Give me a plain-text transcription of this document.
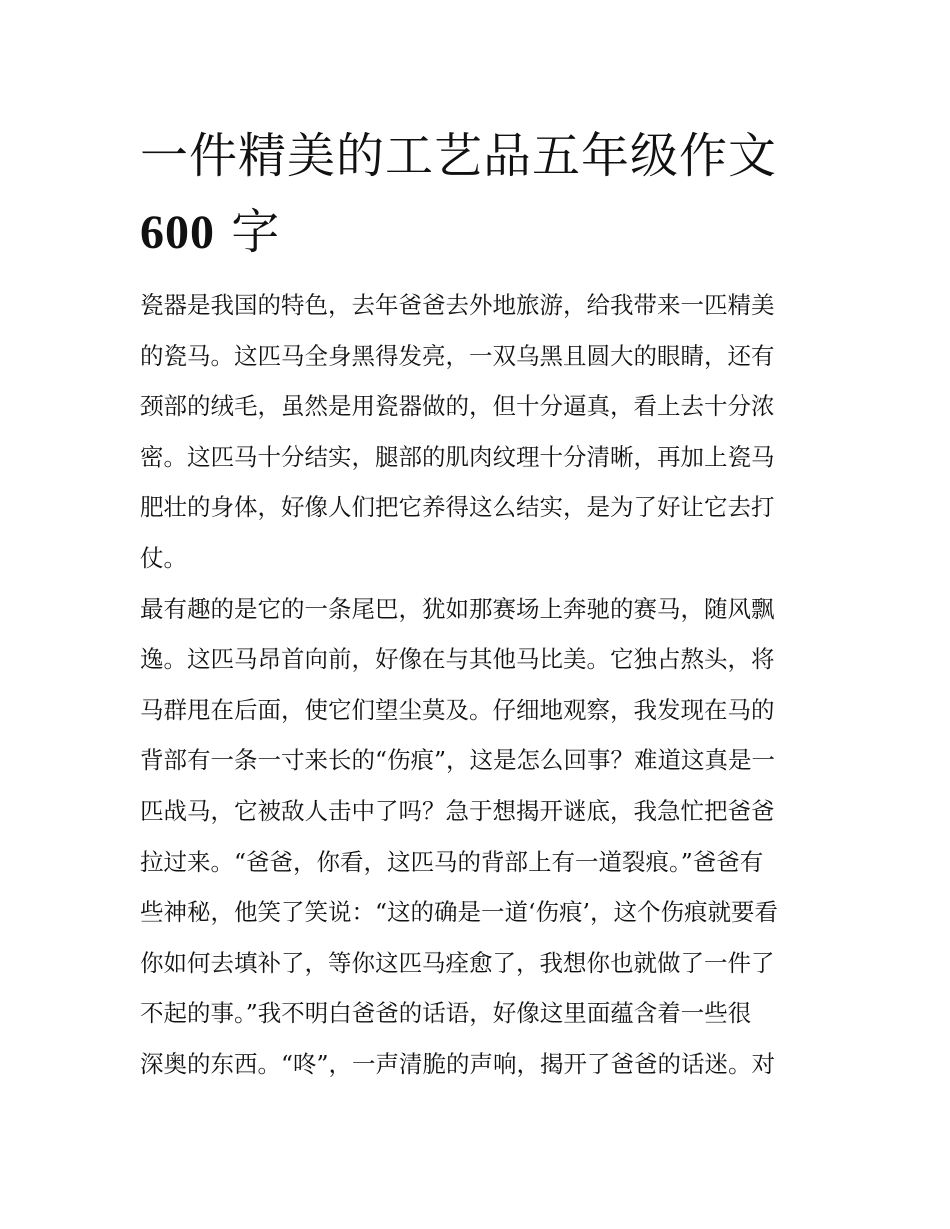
一件精美的工艺品五年级作文
600 字
瓷器是我国的特色，去年爸爸去外地旅游，给我带来一匹精美
的瓷马。这匹马全身黑得发亮，一双乌黑且圆大的眼睛，还有
颈部的绒毛，虽然是用瓷器做的，但十分逼真，看上去十分浓
密。这匹马十分结实，腿部的肌肉纹理十分清晰，再加上瓷马
肥壮的身体，好像人们把它养得这么结实，是为了好让它去打
仗。
最有趣的是它的一条尾巴，犹如那赛场上奔驰的赛马，随风飘
逸。这匹马昂首向前，好像在与其他马比美。它独占熬头，将
马群甩在后面，使它们望尘莫及。仔细地观察，我发现在马的
背部有一条一寸来长的“伤痕”，这是怎么回事？难道这真是一
匹战马，它被敌人击中了吗？急于想揭开谜底，我急忙把爸爸
拉过来。“爸爸，你看，这匹马的背部上有一道裂痕。”爸爸有
些神秘，他笑了笑说：“这的确是一道‘伤痕’，这个伤痕就要看
你如何去填补了，等你这匹马痊愈了，我想你也就做了一件了
不起的事。”我不明白爸爸的话语，好像这里面蕴含着一些很
深奥的东西。“咚”，一声清脆的声响，揭开了爸爸的话迷。对
